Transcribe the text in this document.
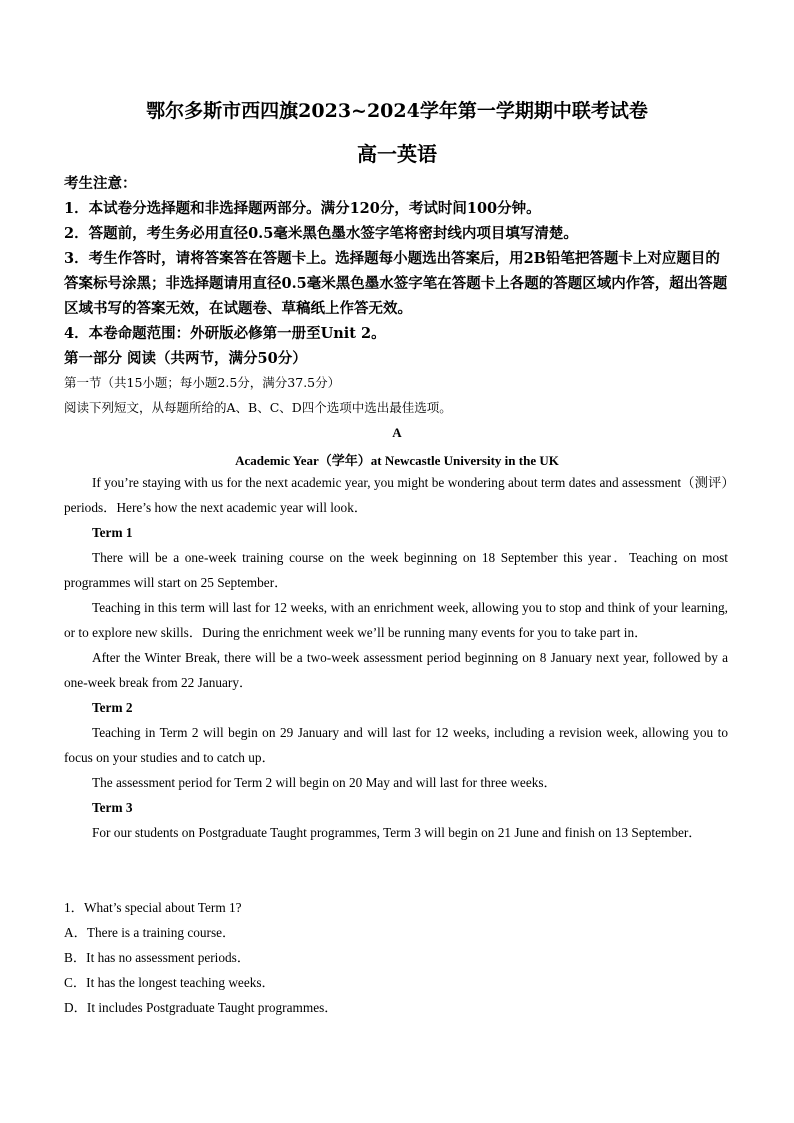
鄂尔多斯市西四旗2023~2024学年第一学期期中联考试卷
高一英语

考生注意：

1．本试卷分选择题和非选择题两部分。满分120分，考试时间100分钟。

2．答题前，考生务必用直径0.5毫米黑色墨水签字笔将密封线内项目填写清楚。

3．考生作答时，请将答案答在答题卡上。选择题每小题选出答案后，用2B铅笔把答题卡上对应题目的答案标号涂黑；非选择题请用直径0.5毫米黑色墨水签字笔在答题卡上各题的答题区域内作答，超出答题区域书写的答案无效，在试题卷、草稿纸上作答无效。

4．本卷命题范围：外研版必修第一册至Unit 2。

第一部分 阅读（共两节，满分50分）

第一节（共15小题；每小题2.5分，满分37.5分）
阅读下列短文，从每题所给的A、B、C、D四个选项中选出最佳选项。
A
Academic Year（学年）at Newcastle University in the UK

If you’re staying with us for the next academic year, you might be wondering about term dates and assessment（测评）periods．Here’s how the next academic year will look．

Term 1

There will be a one-week training course on the week beginning on 18 September this year．Teaching on most programmes will start on 25 September．

Teaching in this term will last for 12 weeks, with an enrichment week, allowing you to stop and think of your learning, or to explore new skills．During the enrichment week we’ll be running many events for you to take part in．

After the Winter Break, there will be a two-week assessment period beginning on 8 January next year, followed by a one-week break from 22 January．

Term 2

Teaching in Term 2 will begin on 29 January and will last for 12 weeks, including a revision week, allowing you to focus on your studies and to catch up．

The assessment period for Term 2 will begin on 20 May and will last for three weeks．

Term 3

For our students on Postgraduate Taught programmes, Term 3 will begin on 21 June and finish on 13 September．

1．What’s special about Term 1?

A．There is a training course．

B．It has no assessment periods．

C．It has the longest teaching weeks．

D．It includes Postgraduate Taught programmes．
